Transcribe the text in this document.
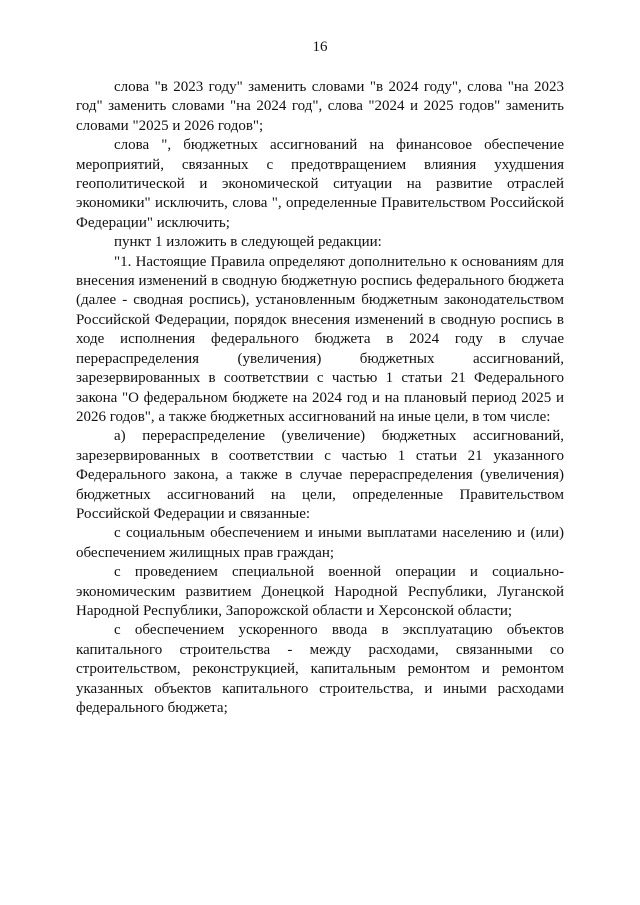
16

слова "в 2023 году" заменить словами "в 2024 году", слова "на 2023 год" заменить словами "на 2024 год", слова "2024 и 2025 годов" заменить словами "2025 и 2026 годов";

слова ", бюджетных ассигнований на финансовое обеспечение мероприятий, связанных с предотвращением влияния ухудшения геополитической и экономической ситуации на развитие отраслей экономики" исключить, слова ", определенные Правительством Российской Федерации" исключить;

пункт 1 изложить в следующей редакции:

"1. Настоящие Правила определяют дополнительно к основаниям для внесения изменений в сводную бюджетную роспись федерального бюджета (далее - сводная роспись), установленным бюджетным законодательством Российской Федерации, порядок внесения изменений в сводную роспись в ходе исполнения федерального бюджета в 2024 году в случае перераспределения (увеличения) бюджетных ассигнований, зарезервированных в соответствии с частью 1 статьи 21 Федерального закона "О федеральном бюджете на 2024 год и на плановый период 2025 и 2026 годов", а также бюджетных ассигнований на иные цели, в том числе:

а) перераспределение (увеличение) бюджетных ассигнований, зарезервированных в соответствии с частью 1 статьи 21 указанного Федерального закона, а также в случае перераспределения (увеличения) бюджетных ассигнований на цели, определенные Правительством Российской Федерации и связанные:

с социальным обеспечением и иными выплатами населению и (или) обеспечением жилищных прав граждан;

с проведением специальной военной операции и социально-экономическим развитием Донецкой Народной Республики, Луганской Народной Республики, Запорожской области и Херсонской области;

с обеспечением ускоренного ввода в эксплуатацию объектов капитального строительства - между расходами, связанными со строительством, реконструкцией, капитальным ремонтом и ремонтом указанных объектов капитального строительства, и иными расходами федерального бюджета;
